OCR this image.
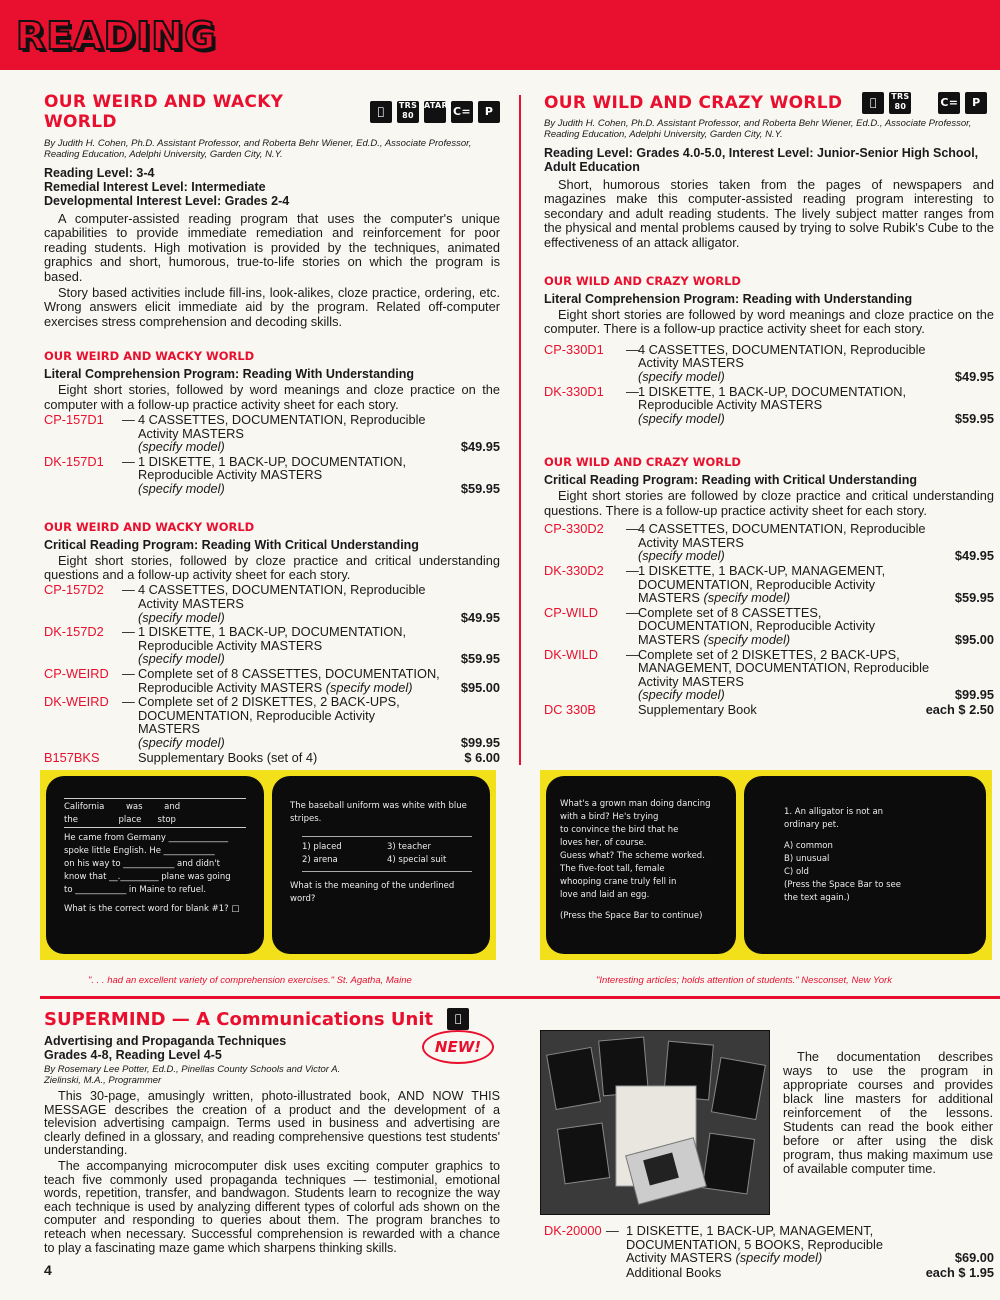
READING
OUR WEIRD AND WACKY WORLD
TRS 80
ATARI C=	P
By Judith H. Cohen, Ph.D. Assistant Professor, and Roberta Behr Wiener, Ed.D., Associate Professor, Reading Education, Adelphi University, Garden City, N.Y.
Reading Level: 3-4
Remedial Interest Level: Intermediate
Developmental Interest Level: Grades 2-4

A computer-assisted reading program that uses the computer's unique capabilities to provide immediate remediation and reinforcement for poor reading students. High motivation is provided by the techniques, animated graphics and short, humorous, true-to-life stories on which the program is based.

Story based activities include fill-ins, look-alikes, cloze practice, ordering, etc. Wrong answers elicit immediate aid by the program. Related off-computer exercises stress comprehension and decoding skills.

OUR WEIRD AND WACKY WORLD
Literal Comprehension Program: Reading With Understanding

Eight short stories, followed by word meanings and cloze practice on the computer with a follow-up practice activity sheet for each story.

CP-157D1	— 4 CASSETTES, DOCUMENTATION, Reproducible Activity MASTERS
(specify model)	$49.95
DK-157D1	— 1 DISKETTE, 1 BACK-UP, DOCUMENTATION, Reproducible Activity MASTERS
(specify model)	$59.95
OUR WEIRD AND WACKY WORLD
Critical Reading Program: Reading With Critical Understanding

Eight short stories, followed by cloze practice and critical understanding questions and a follow-up activity sheet for each story.

CP-157D2	— 4 CASSETTES, DOCUMENTATION, Reproducible Activity MASTERS
(specify model)	$49.95
DK-157D2	— 1 DISKETTE, 1 BACK-UP, DOCUMENTATION, Reproducible Activity MASTERS
(specify model)	$59.95
CP-WEIRD	— Complete set of 8 CASSETTES, DOCUMENTATION, Reproducible Activity MASTERS (specify model)	$95.00
DK-WEIRD	— Complete set of 2 DISKETTES, 2 BACK-UPS, DOCUMENTATION, Reproducible Activity MASTERS
(specify model)	$99.95
B157BKS	Supplementary Books (set of 4)	$ 6.00
OUR WILD AND CRAZY WORLD	TRS 80	C=	P
By Judith H. Cohen, Ph.D. Assistant Professor, and Roberta Behr Wiener, Ed.D., Associate Professor, Reading Education, Adelphi University, Garden City, N.Y.
Reading Level: Grades 4.0-5.0, Interest Level: Junior-Senior High School, Adult Education

Short, humorous stories taken from the pages of newspapers and magazines make this computer-assisted reading program interesting to secondary and adult reading students. The lively subject matter ranges from the physical and mental problems caused by trying to solve Rubik's Cube to the effectiveness of an attack alligator.

OUR WILD AND CRAZY WORLD
Literal Comprehension Program: Reading with Understanding

Eight short stories are followed by word meanings and cloze practice on the computer. There is a follow-up practice activity sheet for each story.

CP-330D1	— 4 CASSETTES, DOCUMENTATION, Reproducible Activity MASTERS
(specify model)	$49.95
DK-330D1	— 1 DISKETTE, 1 BACK-UP, DOCUMENTATION, Reproducible Activity MASTERS
(specify model)	$59.95
OUR WILD AND CRAZY WORLD
Critical Reading Program: Reading with Critical Understanding

Eight short stories are followed by cloze practice and critical understanding questions. There is a follow-up practice activity sheet for each story.

CP-330D2	— 4 CASSETTES, DOCUMENTATION, Reproducible Activity MASTERS
(specify model)	$49.95
DK-330D2	— 1 DISKETTE, 1 BACK-UP, MANAGEMENT, DOCUMENTATION, Reproducible Activity MASTERS (specify model)	$59.95
CP-WILD	— Complete set of 8 CASSETTES, DOCUMENTATION, Reproducible Activity MASTERS (specify model)	$95.00
DK-WILD	— Complete set of 2 DISKETTES, 2 BACK-UPS, MANAGEMENT, DOCUMENTATION, Reproducible Activity MASTERS
(specify model)	$99.95
DC 330B	Supplementary Book	each $ 2.50
California        was        and
the               place      stop
He came from Germany ______________
spoke little English. He ____________
on his way to ____________ and didn't
know that __._________ plane was going
to ____________ in Maine to refuel.
What is the correct word for blank #1? □
The baseball uniform was white with blue stripes.
1) placed	3) teacher
2) arena	4) special suit
What is the meaning of the underlined word?
What's a grown man doing dancing
with a bird? He's trying
to convince the bird that he
loves her, of course.
Guess what? The scheme worked.
The five-foot tall, female
whooping crane truly fell in
love and laid an egg.
(Press the Space Bar to continue)
1. An alligator is not an
ordinary pet.
A) common
B) unusual
C) old
(Press the Space Bar to see
the text again.)
". . . had an excellent variety of comprehension exercises." St. Agatha, Maine	"Interesting articles; holds attention of students." Nesconset, New York
SUPERMIND — A Communications Unit
Advertising and Propaganda Techniques
Grades 4-8, Reading Level 4-5
By Rosemary Lee Potter, Ed.D., Pinellas County Schools and Victor A. Zielinski, M.A., Programmer

This 30-page, amusingly written, photo-illustrated book, AND NOW THIS MESSAGE describes the creation of a product and the development of a television advertising campaign. Terms used in business and advertising are clearly defined in a glossary, and reading comprehensive questions test students' understanding.

The accompanying microcomputer disk uses exciting computer graphics to teach five commonly used propaganda techniques — testimonial, emotional words, repetition, transfer, and bandwagon. Students learn to recognize the way each technique is used by analyzing different types of colorful ads shown on the computer and responding to queries about them. The program branches to reteach when necessary. Successful comprehension is rewarded with a chance to play a fascinating maze game which sharpens thinking skills.

NEW!

The documentation describes ways to use the program in appropriate courses and provides black line masters for additional reinforcement of the lessons. Students can read the book either before or after using the disk program, thus making maximum use of available computer time.

DK-20000 — 1 DISKETTE, 1 BACK-UP, MANAGEMENT, DOCUMENTATION, 5 BOOKS, Reproducible Activity MASTERS (specify model)	$69.00
Additional Books	each $ 1.95
4
